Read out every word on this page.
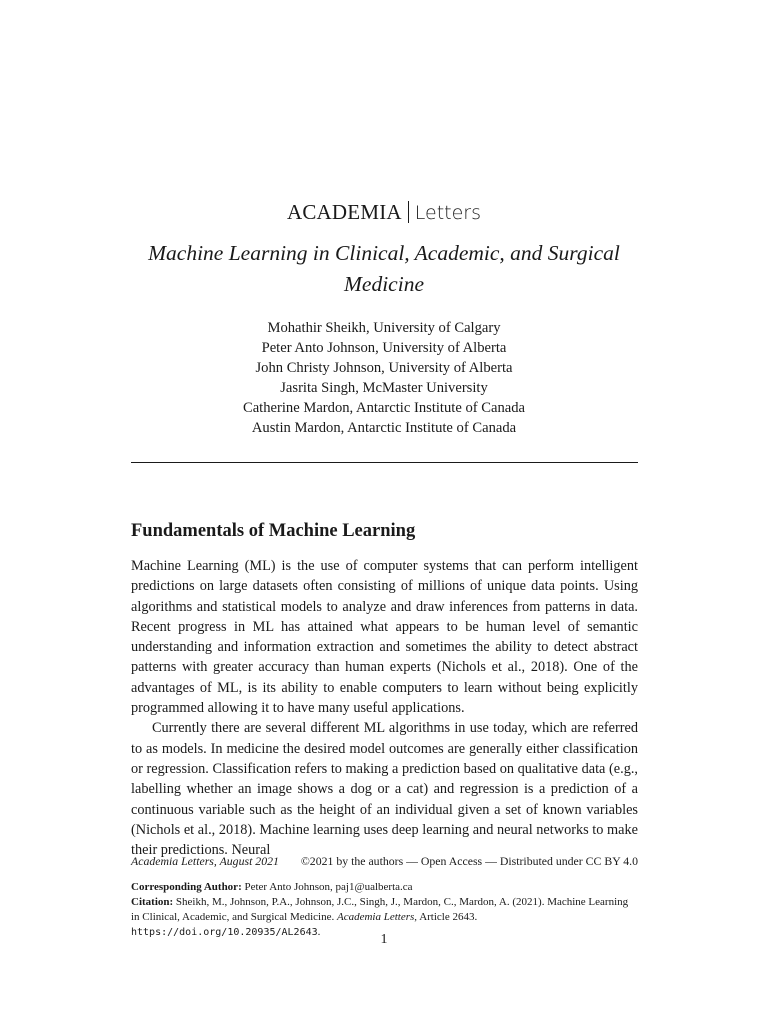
ACADEMIA Letters
Machine Learning in Clinical, Academic, and Surgical Medicine
Mohathir Sheikh, University of Calgary
Peter Anto Johnson, University of Alberta
John Christy Johnson, University of Alberta
Jasrita Singh, McMaster University
Catherine Mardon, Antarctic Institute of Canada
Austin Mardon, Antarctic Institute of Canada
Fundamentals of Machine Learning

Machine Learning (ML) is the use of computer systems that can perform intelligent predictions on large datasets often consisting of millions of unique data points. Using algorithms and statistical models to analyze and draw inferences from patterns in data. Recent progress in ML has attained what appears to be human level of semantic understanding and information extraction and sometimes the ability to detect abstract patterns with greater accuracy than human experts (Nichols et al., 2018). One of the advantages of ML, is its ability to enable computers to learn without being explicitly programmed allowing it to have many useful applications.

Currently there are several different ML algorithms in use today, which are referred to as models. In medicine the desired model outcomes are generally either classification or regression. Classification refers to making a prediction based on qualitative data (e.g., labelling whether an image shows a dog or a cat) and regression is a prediction of a continuous variable such as the height of an individual given a set of known variables (Nichols et al., 2018). Machine learning uses deep learning and neural networks to make their predictions. Neural

Academia Letters, August 2021 ©2021 by the authors — Open Access — Distributed under CC BY 4.0

Corresponding Author: Peter Anto Johnson, paj1@ualberta.ca

Citation: Sheikh, M., Johnson, P.A., Johnson, J.C., Singh, J., Mardon, C., Mardon, A. (2021). Machine Learning in Clinical, Academic, and Surgical Medicine. Academia Letters, Article 2643.
https://doi.org/10.20935/AL2643.	1
